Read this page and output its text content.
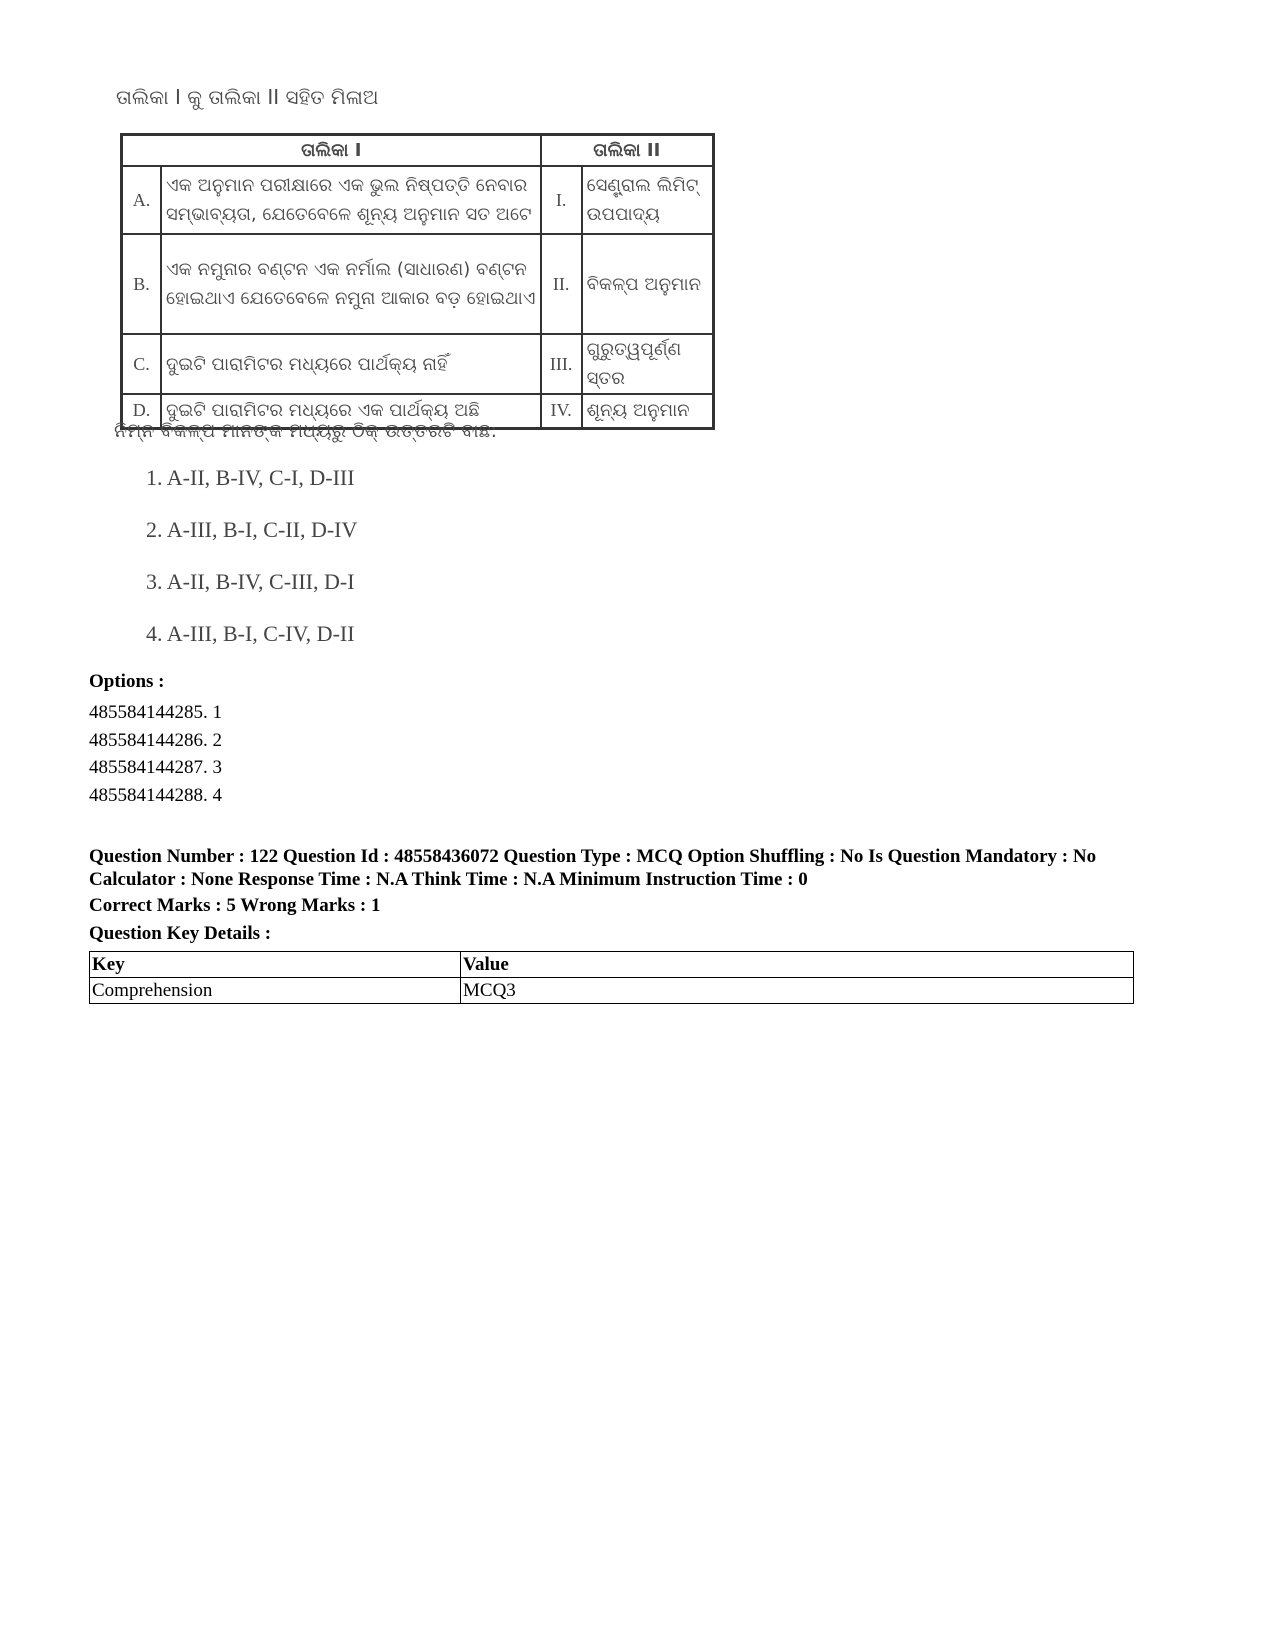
ତାଲିକା I କୁ ତାଲିକା II ସହିତ ମିଳାଅ
ତାଲିକା I		ତାଲିକା II	
A.	ଏକ ଅନୁମାନ ପରୀକ୍ଷାରେ ଏକ ଭୁଲ ନିଷ୍ପତ୍ତି ନେବାର ସମ୍ଭାବ୍ୟତା, ଯେତେବେଳେ ଶୂନ୍ୟ ଅନୁମାନ ସତ ଅଟେ	I.	ସେଣ୍ଟ୍ରାଲ ଲିମିଟ୍ ଉପପାଦ୍ୟ
B.	ଏକ ନମୁନାର ବଣ୍ଟନ ଏକ ନର୍ମାଲ (ସାଧାରଣ) ବଣ୍ଟନ ହୋଇଥାଏ ଯେତେବେଳେ ନମୁନା ଆକାର ବଡ଼ ହୋଇଥାଏ	II.	ବିକଳ୍ପ ଅନୁମାନ
C.	ଦୁଇଟି ପାରାମିଟର ମଧ୍ୟରେ ପାର୍ଥକ୍ୟ ନାହିଁ	III.	ଗୁରୁତ୍ୱପୂର୍ଣ୍ଣ ସ୍ତର
D.	ଦୁଇଟି ପାରାମିଟର ମଧ୍ୟରେ ଏକ ପାର୍ଥକ୍ୟ ଅଛି	IV.	ଶୂନ୍ୟ ଅନୁମାନ
ନିମ୍ନ ବିକଳ୍ପ ମାନଙ୍କ ମଧ୍ୟରୁ ଠିକ୍ ଉତ୍ତରଟି ବାଛ:
1. A-II, B-IV, C-I, D-III
2. A-III, B-I, C-II, D-IV
3. A-II, B-IV, C-III, D-I
4. A-III, B-I, C-IV, D-II
Options :
485584144285. 1
485584144286. 2
485584144287. 3
485584144288. 4
Question Number : 122 Question Id : 48558436072 Question Type : MCQ Option Shuffling : No Is Question Mandatory : No Calculator : None Response Time : N.A Think Time : N.A Minimum Instruction Time : 0
Correct Marks : 5 Wrong Marks : 1
Question Key Details :
Key	Value
Comprehension	MCQ3
